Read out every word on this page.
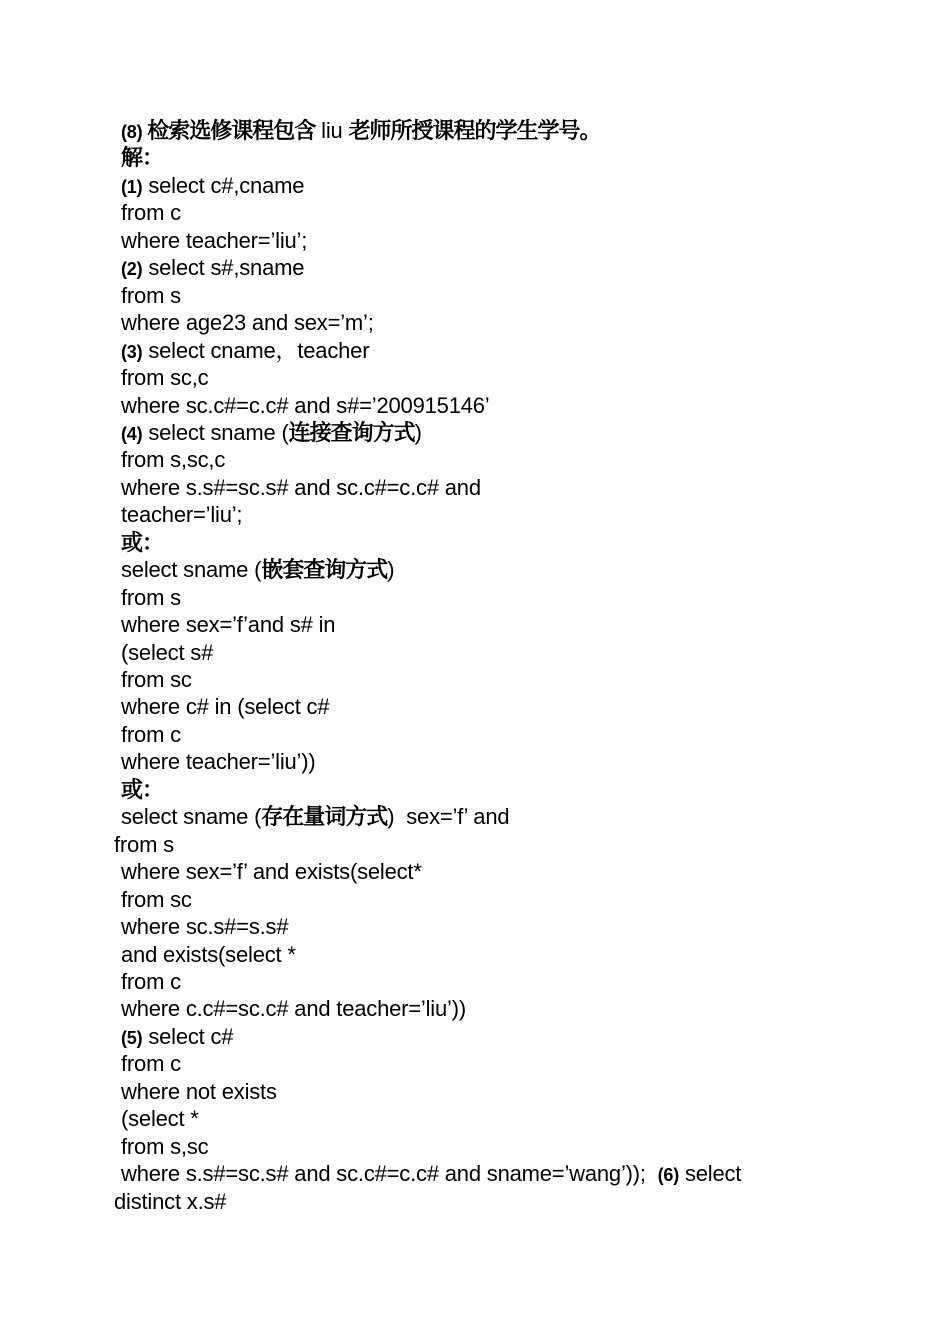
(8) 检索选修课程包含 liu 老师所授课程的学生学号。
解：
(1) select c#,cname
from c
where teacher=’liu’;
(2) select s#,sname
from s
where age23 and sex=’m’;
(3) select cname，teacher
from sc,c
where sc.c#=c.c# and s#=’200915146’
(4) select sname (连接查询方式)
from s,sc,c
where s.s#=sc.s# and sc.c#=c.c# and
teacher=’liu’;
或：
select sname (嵌套查询方式)
from s
where sex=’f’and s# in
(select s#
from sc
where c# in (select c#
from c
where teacher=’liu’))
或：
select sname (存在量词方式)  sex=’f’ and
from s
where sex=’f’ and exists(select*
from sc
where sc.s#=s.s#
and exists(select *
from c
where c.c#=sc.c# and teacher=’liu’))
(5) select c#
from c
where not exists
(select *
from s,sc
where s.s#=sc.s# and sc.c#=c.c# and sname=’wang’));  (6) select
distinct x.s#
